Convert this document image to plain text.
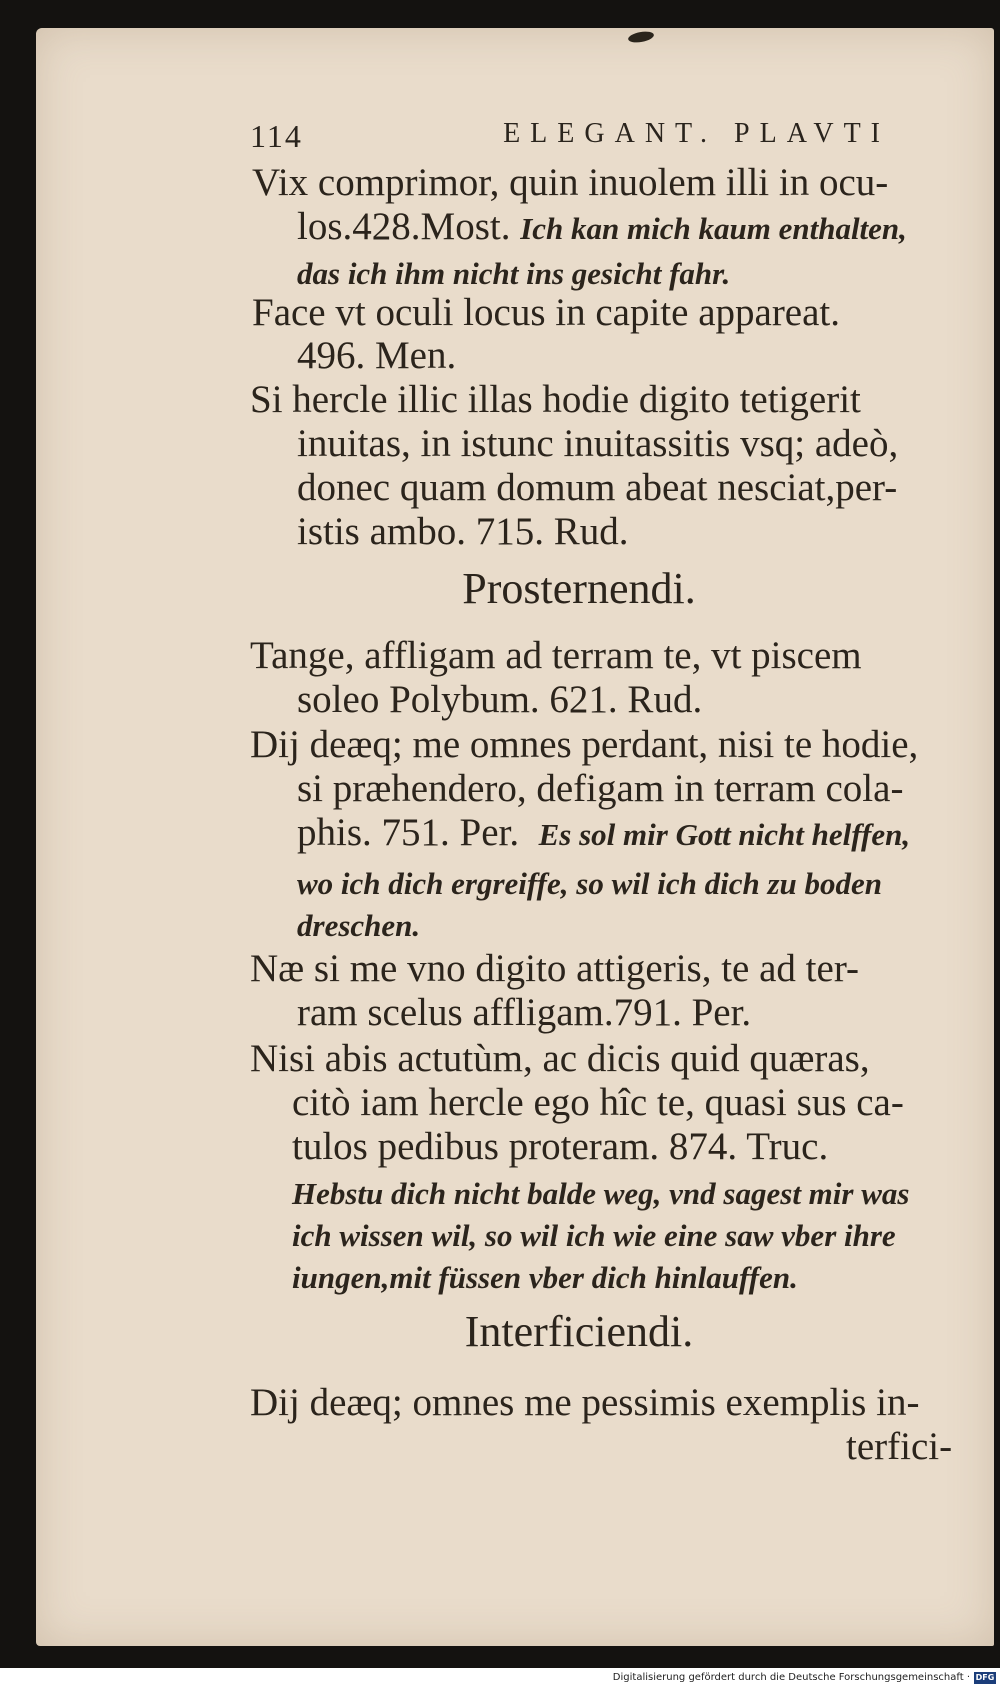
114	ELEGANT. PLAVTI
Vix comprimor, quin inuolem illi in ocu-
los.428.Most. Ich kan mich kaum enthalten,
das ich ihm nicht ins gesicht fahr.
Face vt oculi locus in capite appareat.
496. Men.
Si hercle illic illas hodie digito tetigerit
inuitas, in istunc inuitassitis vsq; adeò,
donec quam domum abeat nesciat,per-
istis ambo. 715. Rud.
Prosternendi.
Tange, affligam ad terram te, vt piscem
soleo Polybum. 621. Rud.
Dij deæq; me omnes perdant, nisi te hodie,
si præhendero, defigam in terram cola-
phis. 751. Per. Es sol mir Gott nicht helffen,
wo ich dich ergreiffe, so wil ich dich zu boden
dreschen.
Næ si me vno digito attigeris, te ad ter-
ram scelus affligam.791. Per.
Nisi abis actutùm, ac dicis quid quæras,
citò iam hercle ego hîc te, quasi sus ca-
tulos pedibus proteram. 874. Truc.
Hebstu dich nicht balde weg, vnd sagest mir was
ich wissen wil, so wil ich wie eine saw vber ihre
iungen,mit füssen vber dich hinlauffen.
Interficiendi.
Dij deæq; omnes me pessimis exemplis in-
terfici-
Digitalisierung gefördert durch die Deutsche Forschungsgemeinschaft · DFG
